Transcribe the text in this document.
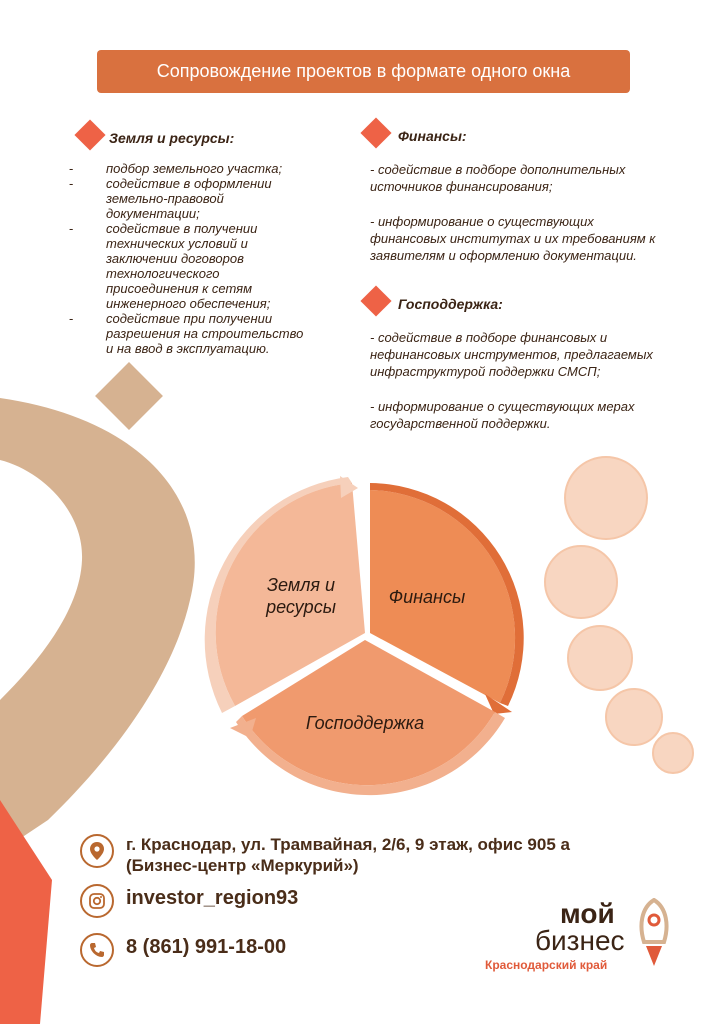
Сопровождение проектов в формате одного окна
Земля и ресурсы:
- подбор земельного участка;
- содействие в оформлении земельно-правовой документации;
- содействие в получении технических условий и заключении договоров технологического присоединения к сетям инженерного обеспечения;
- содействие при получении разрешения на строительство и на ввод в эксплуатацию.
Финансы:
- содействие в подборе дополнительных источников финансирования;
- информирование о существующих финансовых институтах и их требованиям к заявителям и оформлению документации.
Господдержка:
- содействие в подборе финансовых и нефинансовых инструментов, предлагаемых инфраструктурой поддержки СМСП;
- информирование о существующих мерах государственной поддержки.
Земля и ресурсы	Финансы
Господдержка
г. Краснодар, ул. Трамвайная, 2/6, 9 этаж, офис 905 а (Бизнес-центр «Меркурий»)
investor_region93
8 (861) 991-18-00
мой
бизнес
Краснодарский край
